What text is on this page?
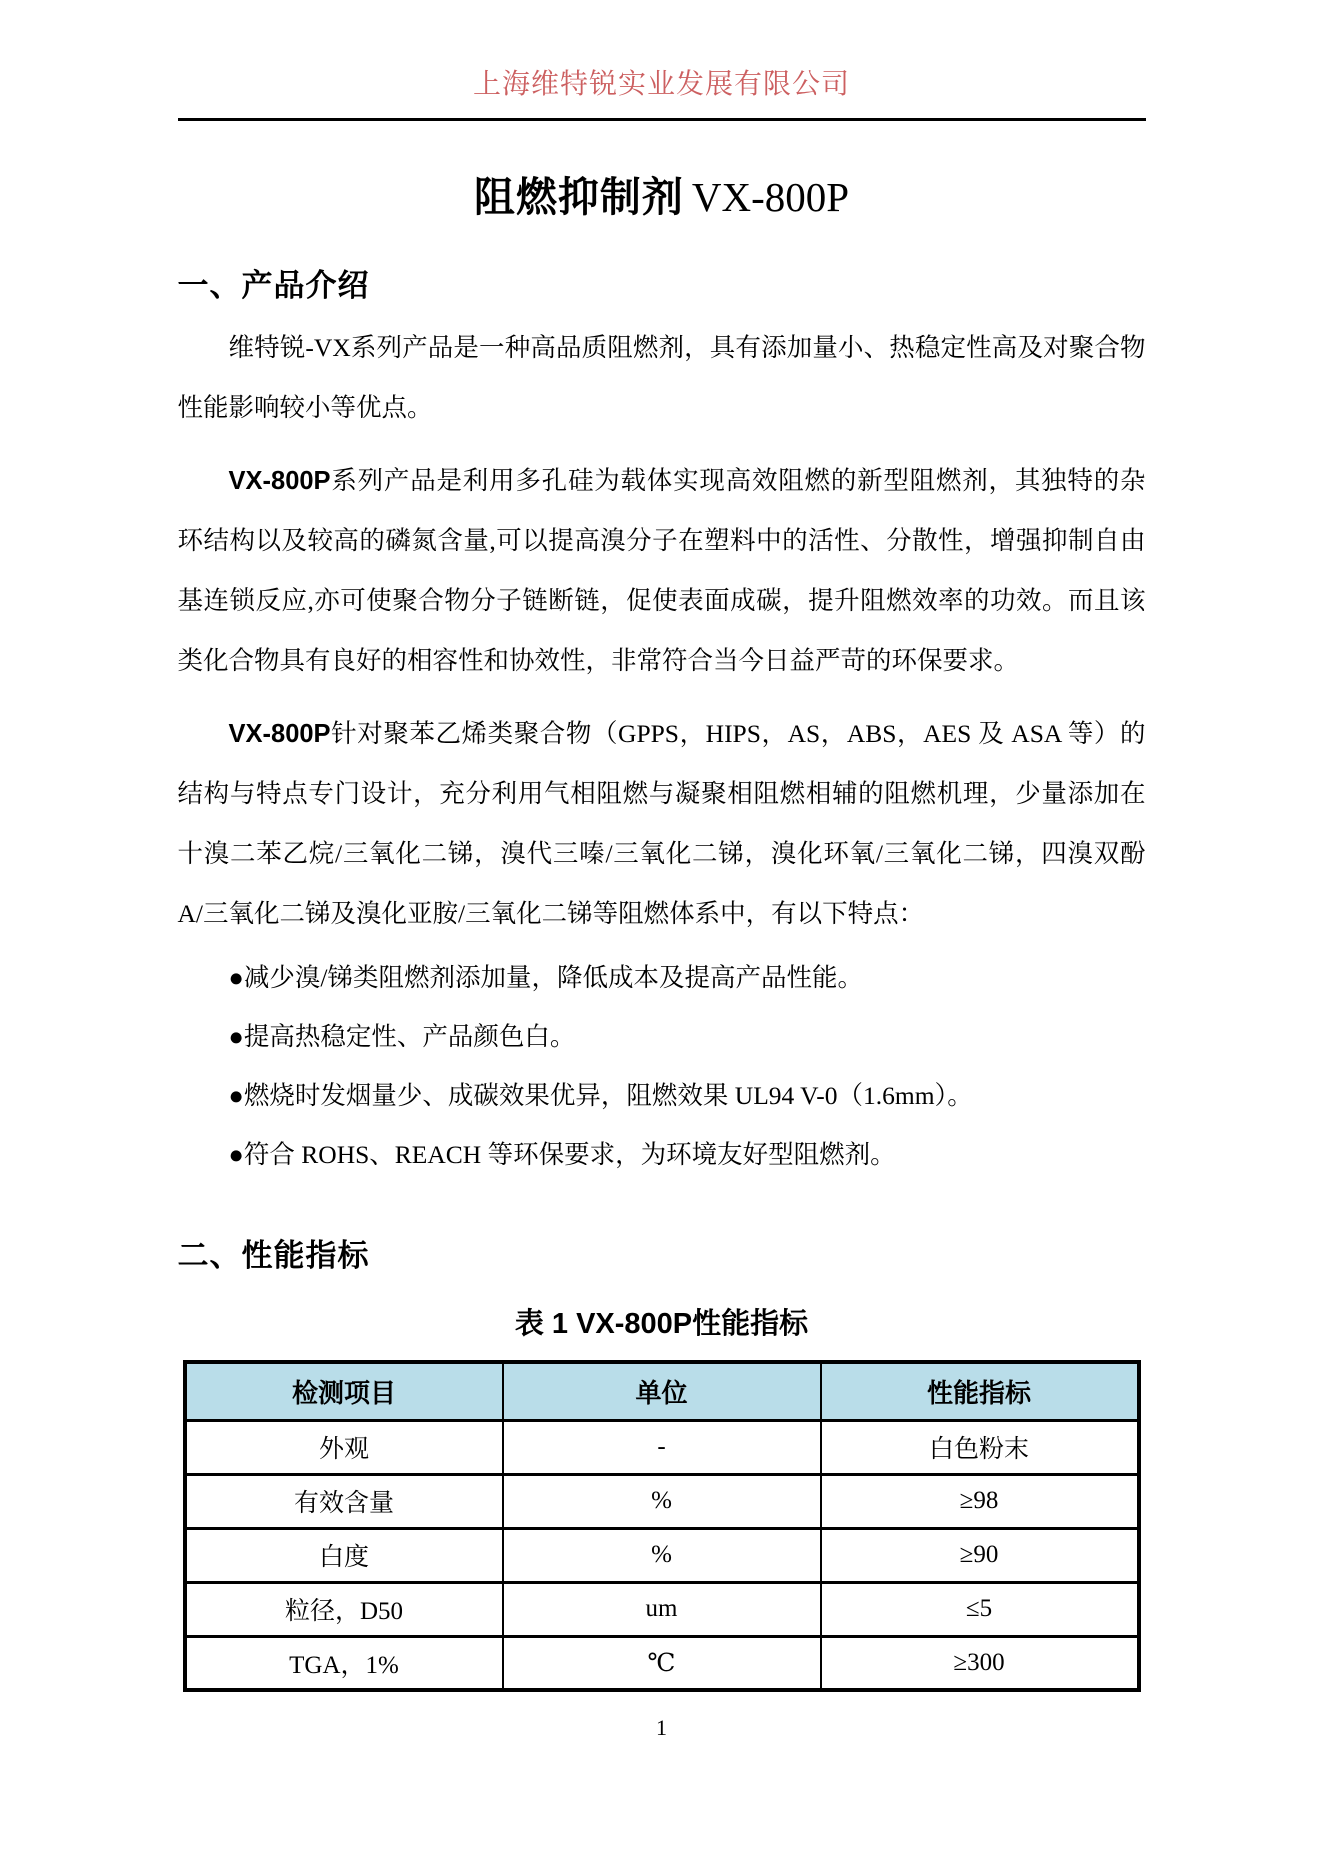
上海维特锐实业发展有限公司
阻燃抑制剂 VX-800P
一、产品介绍

维特锐-VX系列产品是一种高品质阻燃剂，具有添加量小、热稳定性高及对聚合物性能影响较小等优点。

VX-800P系列产品是利用多孔硅为载体实现高效阻燃的新型阻燃剂，其独特的杂环结构以及较高的磷氮含量,可以提高溴分子在塑料中的活性、分散性，增强抑制自由基连锁反应,亦可使聚合物分子链断链，促使表面成碳，提升阻燃效率的功效。而且该类化合物具有良好的相容性和协效性，非常符合当今日益严苛的环保要求。

VX-800P针对聚苯乙烯类聚合物（GPPS，HIPS，AS，ABS，AES 及 ASA 等）的结构与特点专门设计，充分利用气相阻燃与凝聚相阻燃相辅的阻燃机理，少量添加在十溴二苯乙烷/三氧化二锑，溴代三嗪/三氧化二锑，溴化环氧/三氧化二锑，四溴双酚 A/三氧化二锑及溴化亚胺/三氧化二锑等阻燃体系中，有以下特点：

●减少溴/锑类阻燃剂添加量，降低成本及提高产品性能。
●提高热稳定性、产品颜色白。
●燃烧时发烟量少、成碳效果优异，阻燃效果 UL94 V-0（1.6mm）。
●符合 ROHS、REACH 等环保要求，为环境友好型阻燃剂。
二、性能指标
表 1 VX-800P性能指标
检测项目	单位	性能指标
外观	-	白色粉末
有效含量	%	≥98
白度	%	≥90
粒径，D50	um	≤5
TGA，1%	℃	≥300
1
